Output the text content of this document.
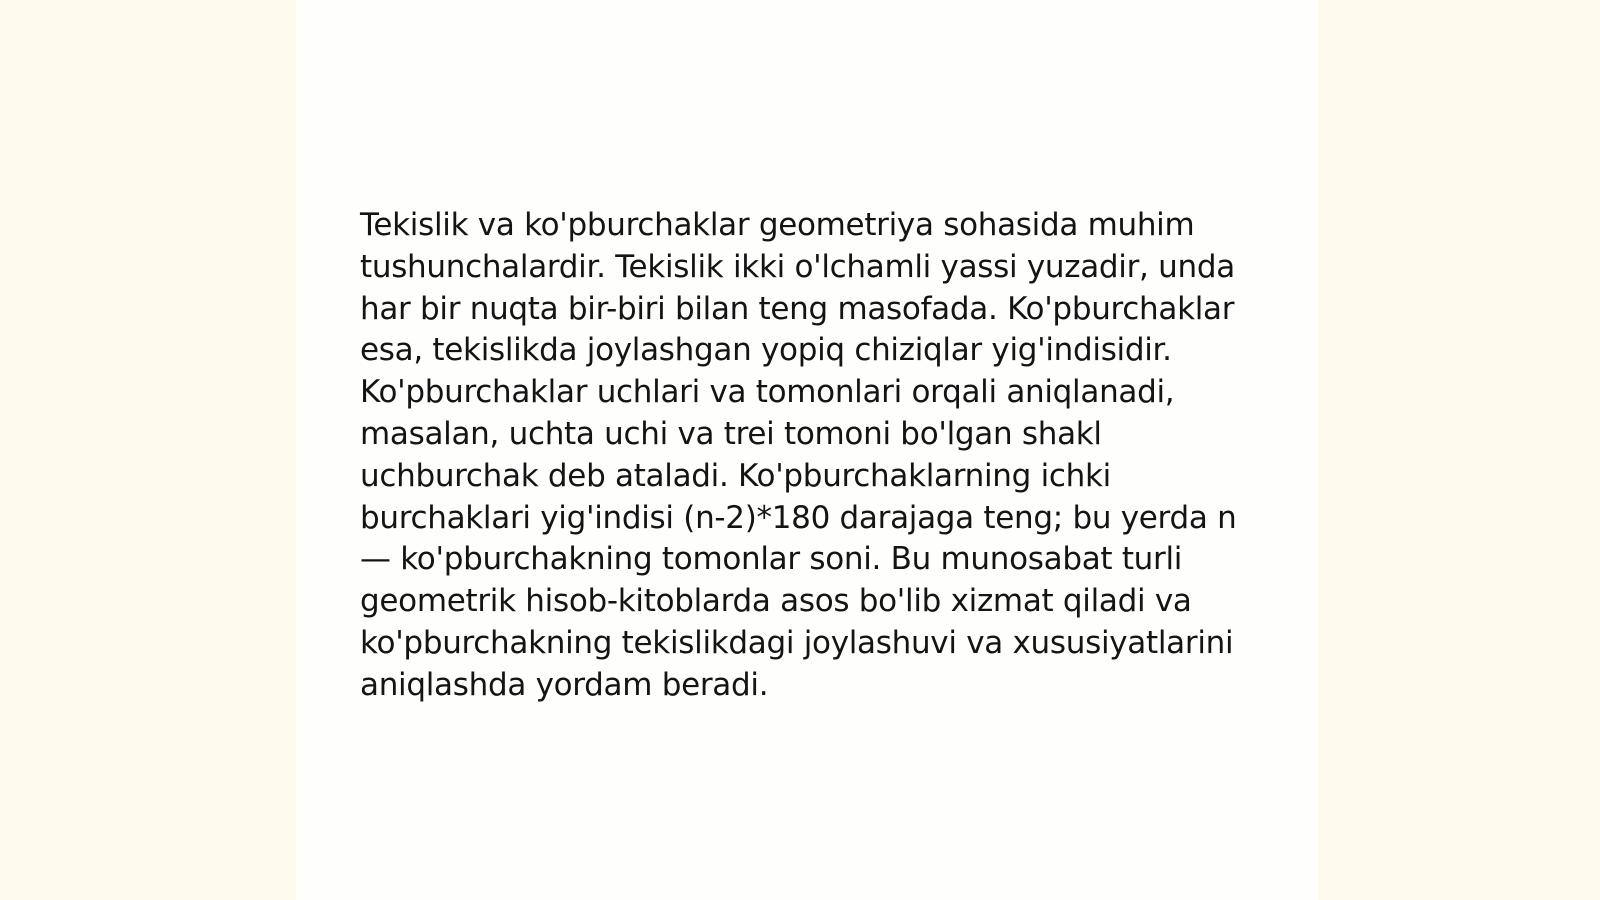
Tekislik va ko'pburchaklar geometriya sohasida muhim tushunchalardir. Tekislik ikki o'lchamli yassi yuzadir, unda har bir nuqta bir-biri bilan teng masofada. Ko'pburchaklar esa, tekislikda joylashgan yopiq chiziqlar yig'indisidir. Ko'pburchaklar uchlari va tomonlari orqali aniqlanadi, masalan, uchta uchi va trei tomoni bo'lgan shakl uchburchak deb ataladi. Ko'pburchaklarning ichki burchaklari yig'indisi (n-2)*180 darajaga teng; bu yerda n — ko'pburchakning tomonlar soni. Bu munosabat turli geometrik hisob-kitoblarda asos bo'lib xizmat qiladi va ko'pburchakning tekislikdagi joylashuvi va xususiyatlarini aniqlashda yordam beradi.
